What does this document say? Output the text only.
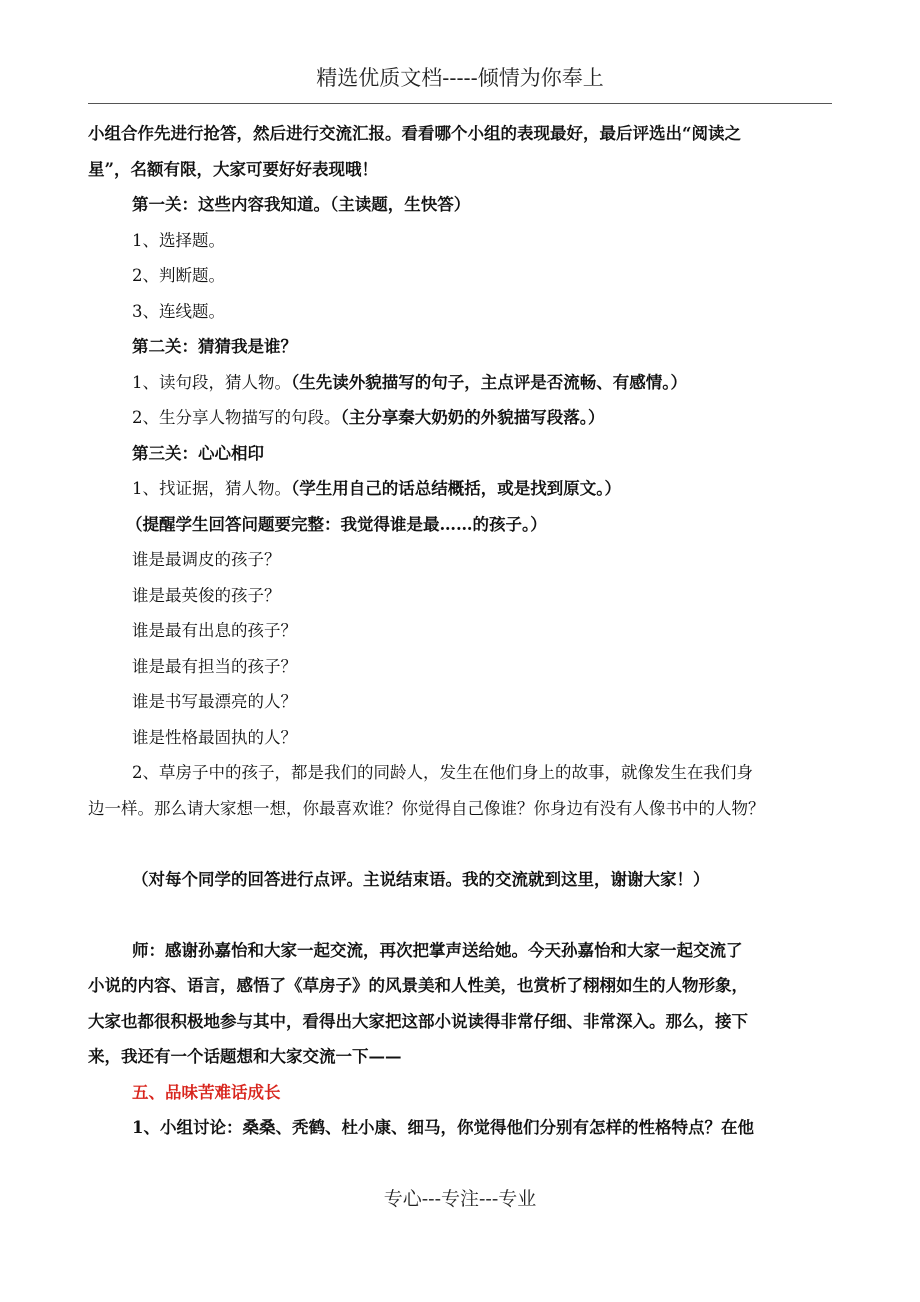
精选优质文档-----倾情为你奉上
小组合作先进行抢答，然后进行交流汇报。看看哪个小组的表现最好，最后评选出“阅读之
星”，名额有限，大家可要好好表现哦！
第一关：这些内容我知道。（主读题，生快答）
1、选择题。
2、判断题。
3、连线题。
第二关：猜猜我是谁？
1、读句段，猜人物。（生先读外貌描写的句子，主点评是否流畅、有感情。）
2、生分享人物描写的句段。（主分享秦大奶奶的外貌描写段落。）
第三关：心心相印
1、找证据，猜人物。（学生用自己的话总结概括，或是找到原文。）
（提醒学生回答问题要完整：我觉得谁是最……的孩子。）
谁是最调皮的孩子？
谁是最英俊的孩子？
谁是最有出息的孩子？
谁是最有担当的孩子？
谁是书写最漂亮的人？
谁是性格最固执的人？
2、草房子中的孩子，都是我们的同龄人，发生在他们身上的故事，就像发生在我们身
边一样。那么请大家想一想，你最喜欢谁？你觉得自己像谁？你身边有没有人像书中的人物？
（对每个同学的回答进行点评。主说结束语。我的交流就到这里，谢谢大家！）
师：感谢孙嘉怡和大家一起交流，再次把掌声送给她。今天孙嘉怡和大家一起交流了
小说的内容、语言，感悟了《草房子》的风景美和人性美，也赏析了栩栩如生的人物形象，
大家也都很积极地参与其中，看得出大家把这部小说读得非常仔细、非常深入。那么，接下
来，我还有一个话题想和大家交流一下——
五、品味苦难话成长
1、小组讨论：桑桑、秃鹤、杜小康、细马，你觉得他们分别有怎样的性格特点？在他
专心---专注---专业
